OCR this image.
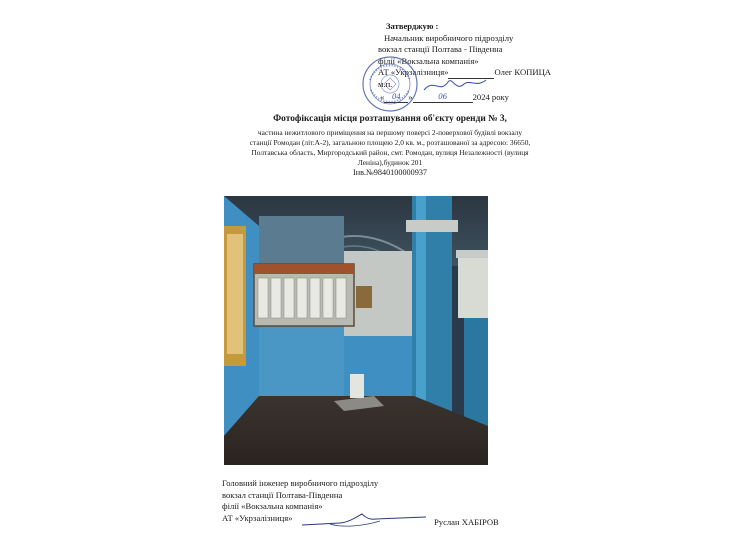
Затверджую :
Начальник виробничого підрозділу
вокзал станції Полтава - Південна
філії «Вокзальна компанія»
АТ «Укрзалізниця»	Олег КОПИЦА
м.п.
« 04 »	06	2024 року
Фотофіксація місця розташування об'єкту оренди № 3,
частина нежитлового приміщення на першому поверсі 2-поверхової будівлі вокзалу
станції Ромодан (літ.А-2), загальною площею 2,0 кв. м., розташованої за адресою: 36650,
Полтавська область, Миргородський район, смт. Ромодан, вулиця Незалежності (вулиця
Леніна),будинок 201
Інв.№9840100000937
Головний інженер виробничого підрозділу
вокзал станції Полтава-Південна
філії «Вокзальна компанія»
АТ «Укрзалізниця»	Руслан ХАБІРОВ
